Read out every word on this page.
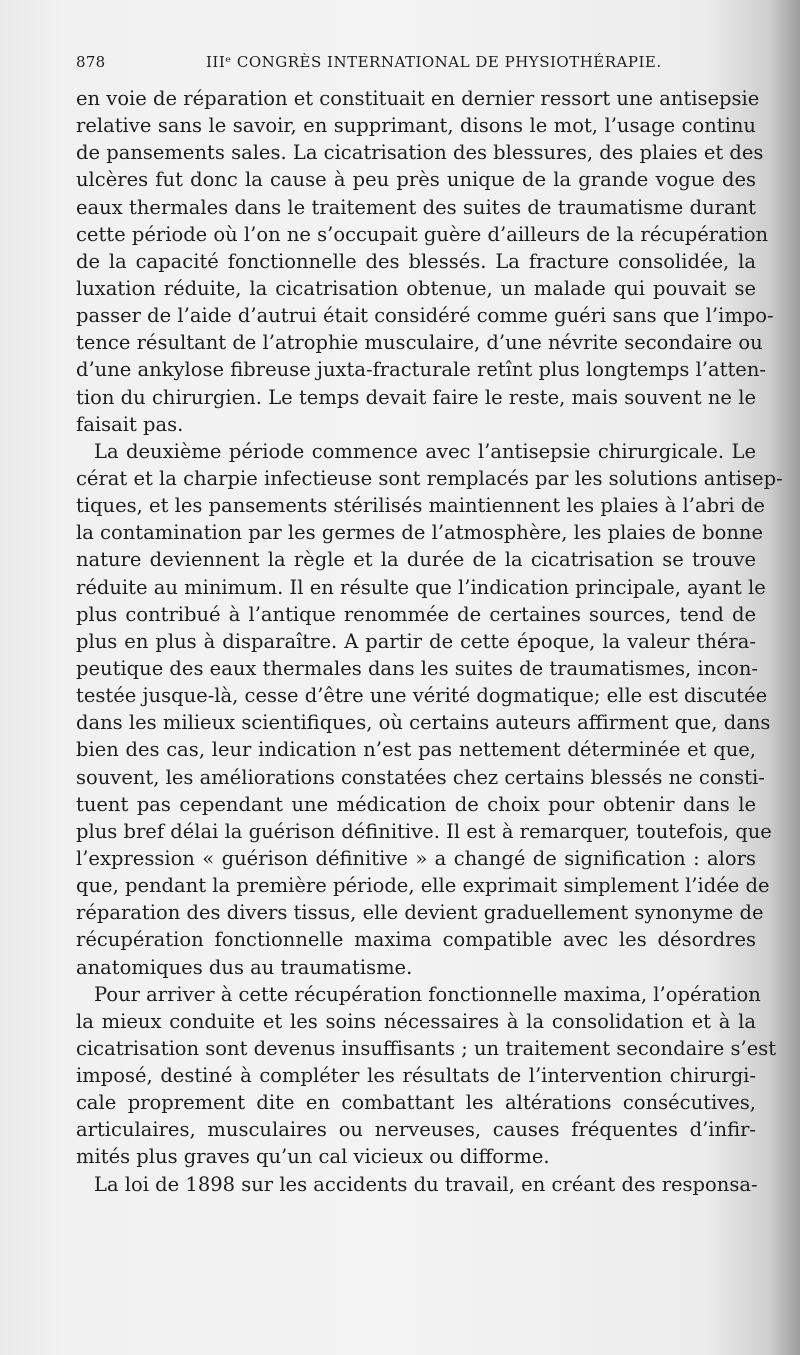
878	IIIᵉ CONGRÈS INTERNATIONAL DE PHYSIOTHÉRAPIE.
en voie de réparation et constituait en dernier ressort une antisepsie
relative sans le savoir, en supprimant, disons le mot, l’usage continu
de pansements sales. La cicatrisation des blessures, des plaies et des
ulcères fut donc la cause à peu près unique de la grande vogue des
eaux thermales dans le traitement des suites de traumatisme durant
cette période où l’on ne s’occupait guère d’ailleurs de la récupération
de la capacité fonctionnelle des blessés. La fracture consolidée, la
luxation réduite, la cicatrisation obtenue, un malade qui pouvait se
passer de l’aide d’autrui était considéré comme guéri sans que l’impo-
tence résultant de l’atrophie musculaire, d’une névrite secondaire ou
d’une ankylose fibreuse juxta-fracturale retînt plus longtemps l’atten-
tion du chirurgien. Le temps devait faire le reste, mais souvent ne le
faisait pas.
La deuxième période commence avec l’antisepsie chirurgicale. Le
cérat et la charpie infectieuse sont remplacés par les solutions antisep-
tiques, et les pansements stérilisés maintiennent les plaies à l’abri de
la contamination par les germes de l’atmosphère, les plaies de bonne
nature deviennent la règle et la durée de la cicatrisation se trouve
réduite au minimum. Il en résulte que l’indication principale, ayant le
plus contribué à l’antique renommée de certaines sources, tend de
plus en plus à disparaître. A partir de cette époque, la valeur théra-
peutique des eaux thermales dans les suites de traumatismes, incon-
testée jusque-là, cesse d’être une vérité dogmatique; elle est discutée
dans les milieux scientifiques, où certains auteurs affirment que, dans
bien des cas, leur indication n’est pas nettement déterminée et que,
souvent, les améliorations constatées chez certains blessés ne consti-
tuent pas cependant une médication de choix pour obtenir dans le
plus bref délai la guérison définitive. Il est à remarquer, toutefois, que
l’expression « guérison définitive » a changé de signification : alors
que, pendant la première période, elle exprimait simplement l’idée de
réparation des divers tissus, elle devient graduellement synonyme de
récupération fonctionnelle maxima compatible avec les désordres
anatomiques dus au traumatisme.
Pour arriver à cette récupération fonctionnelle maxima, l’opération
la mieux conduite et les soins nécessaires à la consolidation et à la
cicatrisation sont devenus insuffisants ; un traitement secondaire s’est
imposé, destiné à compléter les résultats de l’intervention chirurgi-
cale proprement dite en combattant les altérations consécutives,
articulaires, musculaires ou nerveuses, causes fréquentes d’infir-
mités plus graves qu’un cal vicieux ou difforme.
La loi de 1898 sur les accidents du travail, en créant des responsa-
